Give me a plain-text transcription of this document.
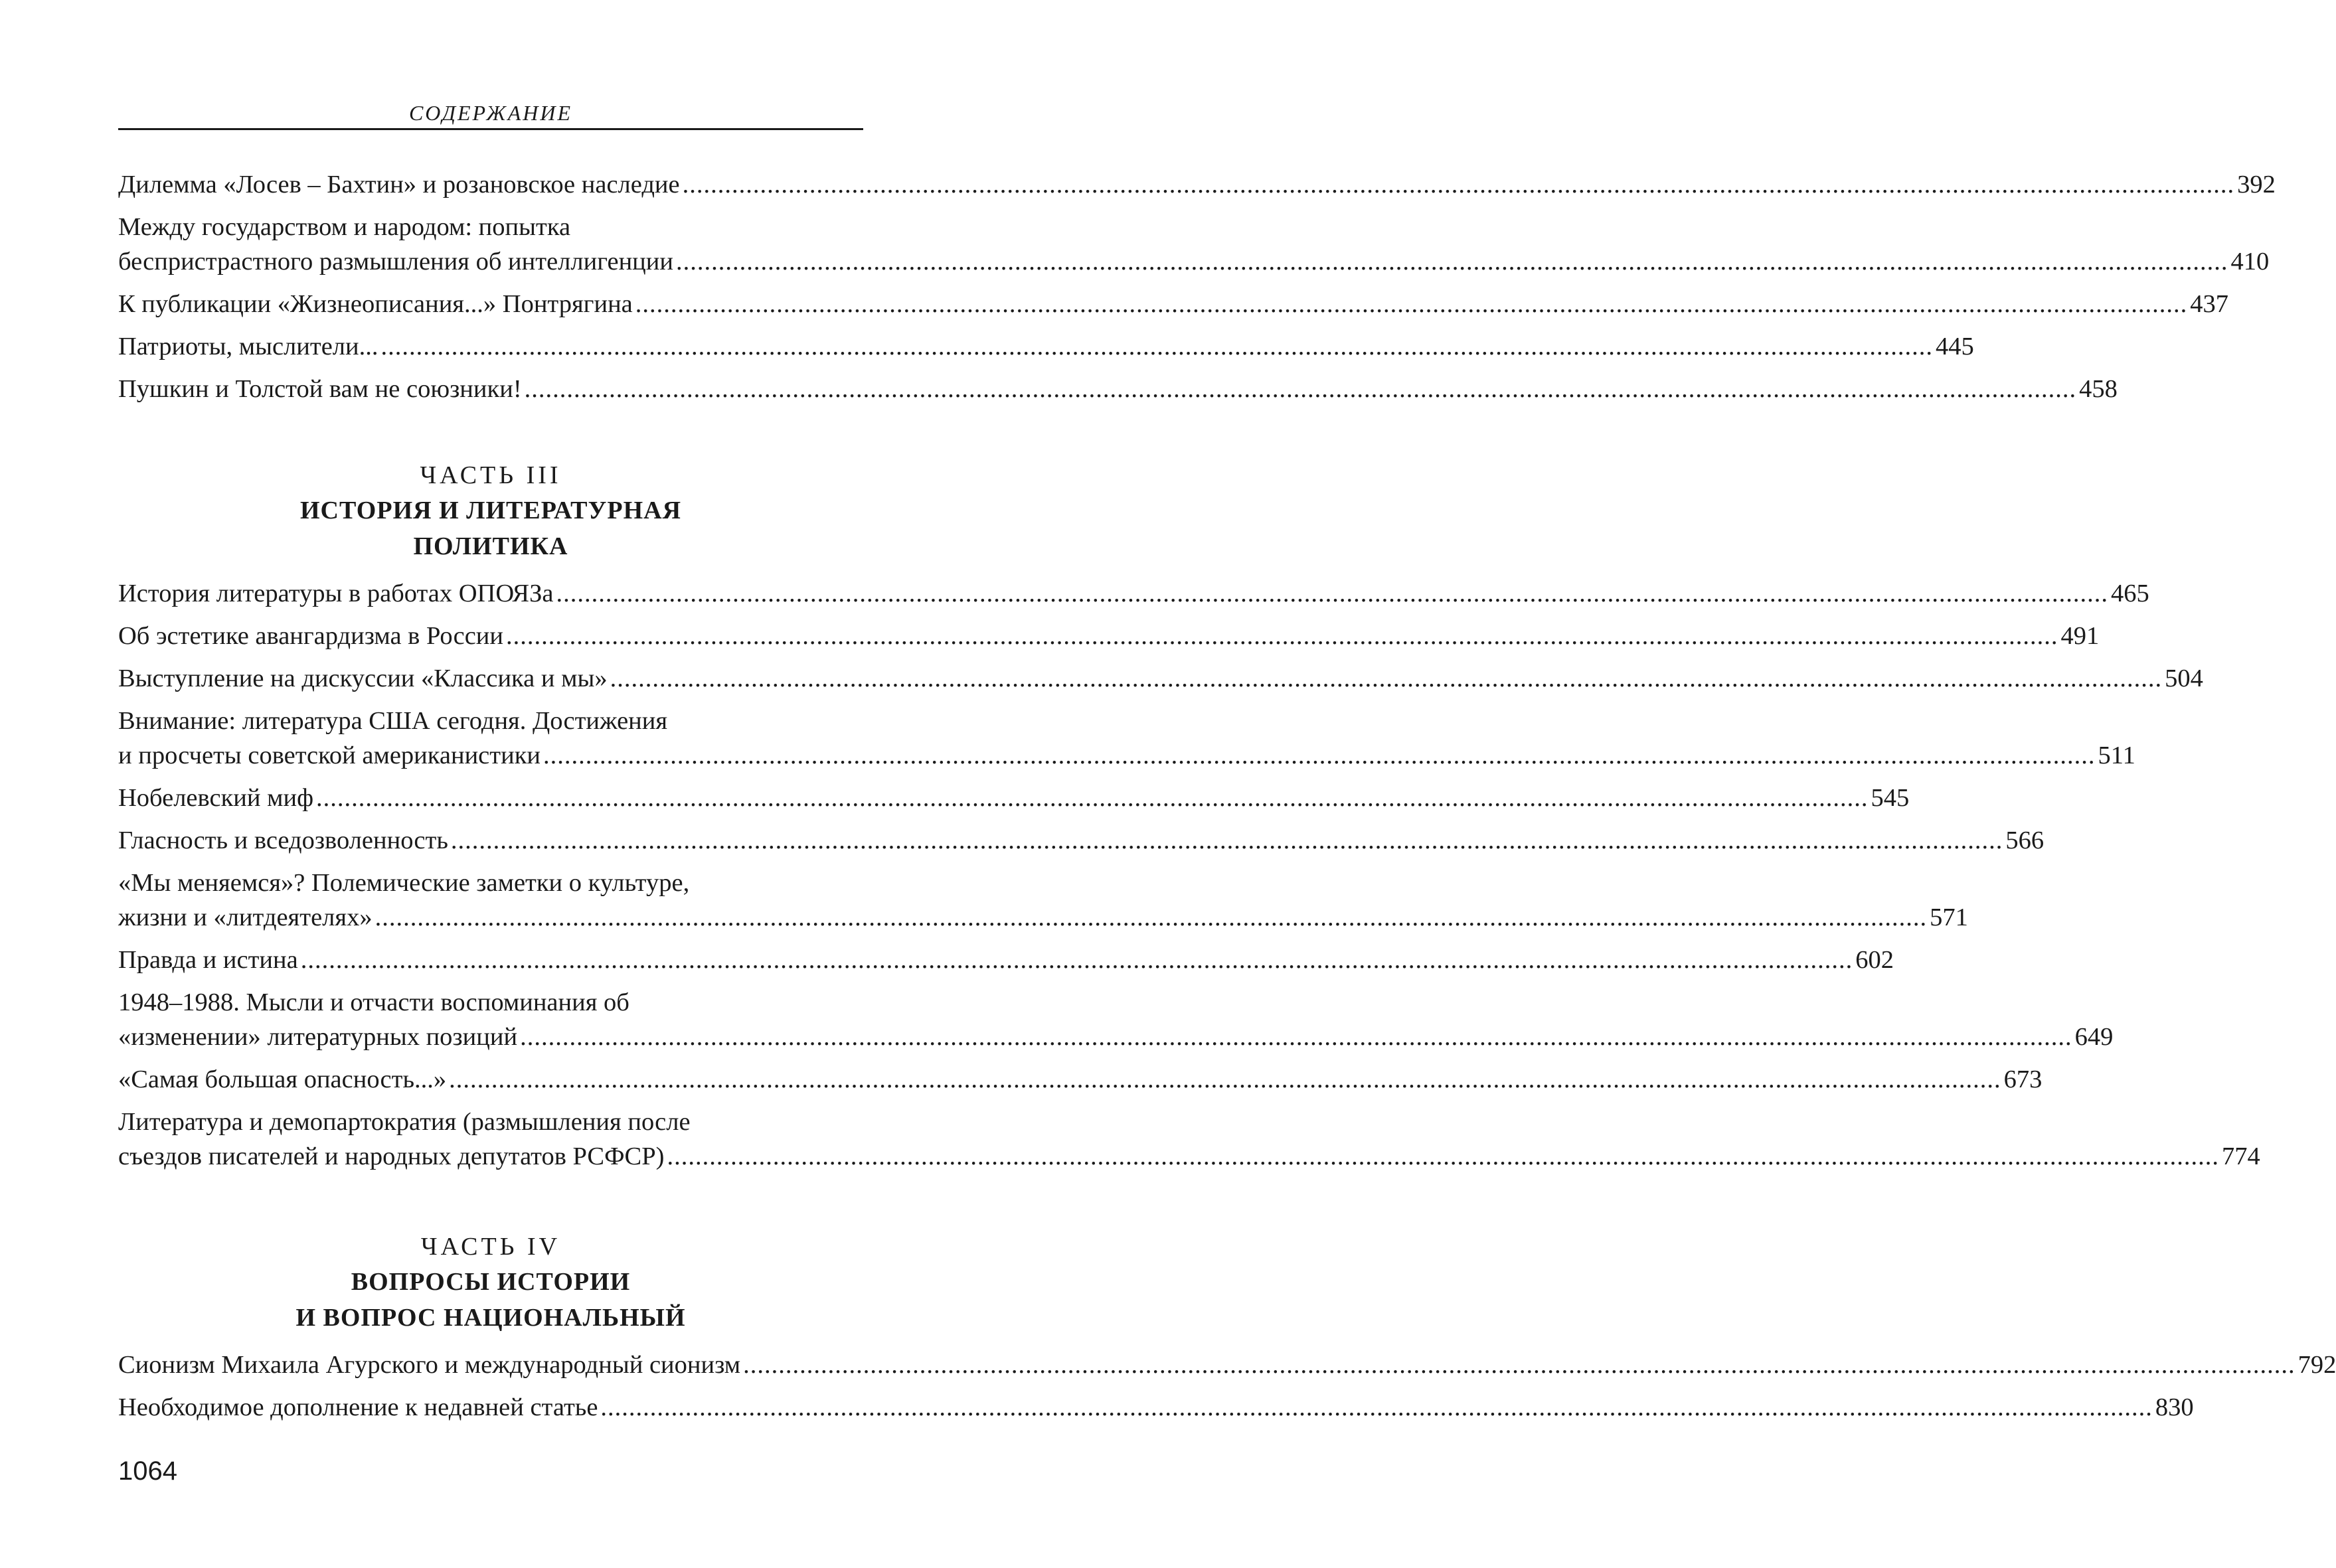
СОДЕРЖАНИЕ
Дилемма «Лосев – Бахтин» и розановское наследие ............................................................................................................................................................................................................................ 392
Между государством и народом: попытка
беспристрастного размышления об интеллигенции ............................................................................................................................................................................................................................ 410
К публикации «Жизнеописания...» Понтрягина ............................................................................................................................................................................................................................ 437
Патриоты, мыслители... ............................................................................................................................................................................................................................ 445
Пушкин и Толстой вам не союзники! ............................................................................................................................................................................................................................ 458
ЧАСТЬ III
ИСТОРИЯ И ЛИТЕРАТУРНАЯ
ПОЛИТИКА
История литературы в работах ОПОЯЗа ............................................................................................................................................................................................................................ 465
Об эстетике авангардизма в России ............................................................................................................................................................................................................................ 491
Выступление на дискуссии «Классика и мы» ............................................................................................................................................................................................................................ 504
Внимание: литература США сегодня. Достижения
и просчеты советской американистики ............................................................................................................................................................................................................................ 511
Нобелевский миф ............................................................................................................................................................................................................................ 545
Гласность и вседозволенность ............................................................................................................................................................................................................................ 566
«Мы меняемся»? Полемические заметки о культуре,
жизни и «литдеятелях» ............................................................................................................................................................................................................................ 571
Правда и истина ............................................................................................................................................................................................................................ 602
1948–1988. Мысли и отчасти воспоминания об
«изменении» литературных позиций ............................................................................................................................................................................................................................ 649
«Самая большая опасность...» ............................................................................................................................................................................................................................ 673
Литература и демопартократия (размышления после
съездов писателей и народных депутатов РСФСР) ............................................................................................................................................................................................................................ 774
ЧАСТЬ IV
ВОПРОСЫ ИСТОРИИ
И ВОПРОС НАЦИОНАЛЬНЫЙ
Сионизм Михаила Агурского и международный сионизм ............................................................................................................................................................................................................................ 792
Необходимое дополнение к недавней статье ............................................................................................................................................................................................................................ 830
1064
